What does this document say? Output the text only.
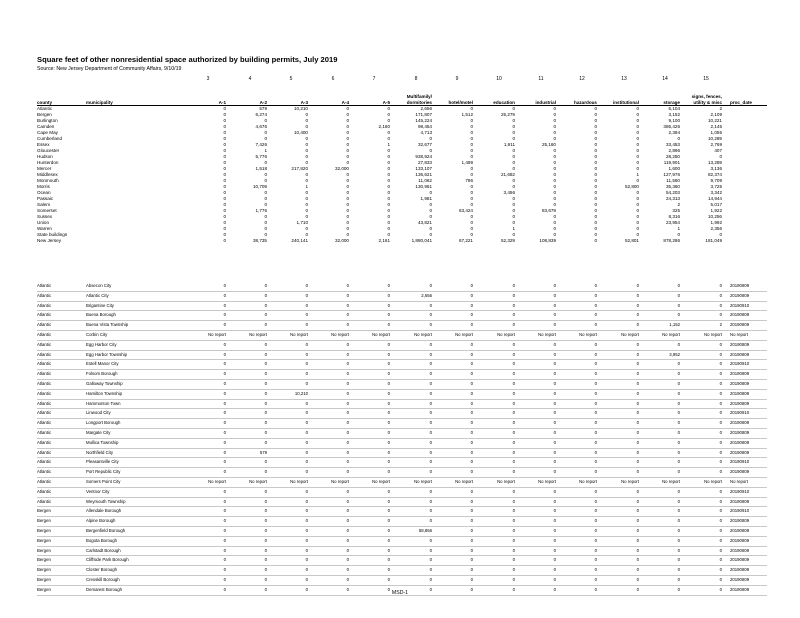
Square feet of other nonresidential space authorized by building permits, July 2019
Source: New Jersey Department of Community Affairs, 9/10/19
3	4	5	6	7	8	9	10	11	12	13	14	15
county	municipality	A-1	A-2	A-3	A-4	A-5	Multifamily/
dormitories	hotel/motel	education	industrial	hazardous	institutional	storage	signs, fences,
utility & misc	proc_date
Atlantic		0	579	10,210	0	0	2,656	0	0	0	0	0	5,104	2	
Bergen		0	6,274	0	0	0	171,807	1,512	25,279	0	0	0	3,152	2,109	
Burlington		0	0	0	0	0	145,224	0	0	0	0	0	9,100	10,221	
Camden		0	4,676	0	0	2,160	98,454	0	0	0	0	0	386,426	2,145	
Cape May		0	0	10,400	0	0	4,713	0	0	0	0	0	2,394	1,055	
Cumberland		0	0	0	0	0	0	0	0	0	0	0	0	10,289	
Essex		0	7,426	0	0	1	32,677	0	1,911	25,160	0	0	33,453	2,769	
Gloucester		0	1	0	0	0	0	0	0	0	0	0	2,896	407	
Hudson		0	5,776	0	0	0	938,924	0	0	0	0	0	28,250	0	
Hunterdon		0	0	0	0	0	27,833	1,499	0	0	0	0	119,901	13,289	
Mercer		0	1,518	217,820	32,000	0	133,107	0	0	0	0	0	1,600	3,136	
Middlesex		0	0	0	0	0	136,621	0	21,682	0	0	1	127,976	82,374	
Monmouth		0	0	0	0	0	11,062	786	0	0	0	0	11,560	9,709	
Morris		0	10,709	1	0	0	130,961	0	0	0	0	52,800	35,360	3,725	
Ocean		0	0	0	0	0	0	0	3,456	0	0	0	54,203	3,342	
Passaic		0	0	0	0	0	1,981	0	0	0	0	0	24,313	14,944	
Salem		0	0	0	0	0	0	0	0	0	0	0	2	5,017	
Somerset		0	1,776	0	0	0	0	63,424	0	83,679	0	0	325	1,922	
Sussex		0	0	0	0	0	0	0	0	0	0	0	8,316	10,256	
Union		0	0	1,710	0	0	43,821	0	0	0	0	0	23,954	1,992	
Warren		0	0	0	0	0	0	0	1	0	0	0	1	2,356	
State buildings		0	0	0	0	0	0	0	0	0	0	0	0	0	
New Jersey		0	38,735	240,141	32,000	2,161	1,880,041	67,221	52,329	108,839	0	52,801	878,286	181,049	
Atlantic	Absecon City	0	0	0	0	0	0	0	0	0	0	0	0	0	20190809
Atlantic	Atlantic City	0	0	0	0	0	2,656	0	0	0	0	0	0	0	20190809
Atlantic	Brigantine City	0	0	0	0	0	0	0	0	0	0	0	0	0	20190910
Atlantic	Buena Borough	0	0	0	0	0	0	0	0	0	0	0	0	0	20190809
Atlantic	Buena Vista Township	0	0	0	0	0	0	0	0	0	0	0	1,152	2	20190809
Atlantic	Corbin City	No report	No report	No report	No report	No report	No report	No report	No report	No report	No report	No report	No report	No report	No report
Atlantic	Egg Harbor City	0	0	0	0	0	0	0	0	0	0	0	0	0	20190809
Atlantic	Egg Harbor Township	0	0	0	0	0	0	0	0	0	0	0	3,952	0	20190809
Atlantic	Estell Manor City	0	0	0	0	0	0	0	0	0	0	0	0	0	20190910
Atlantic	Folsom Borough	0	0	0	0	0	0	0	0	0	0	0	0	0	20190809
Atlantic	Galloway Township	0	0	0	0	0	0	0	0	0	0	0	0	0	20190809
Atlantic	Hamilton Township	0	0	10,210	0	0	0	0	0	0	0	0	0	0	20190809
Atlantic	Hammonton Town	0	0	0	0	0	0	0	0	0	0	0	0	0	20190809
Atlantic	Linwood City	0	0	0	0	0	0	0	0	0	0	0	0	0	20190910
Atlantic	Longport Borough	0	0	0	0	0	0	0	0	0	0	0	0	0	20190809
Atlantic	Margate City	0	0	0	0	0	0	0	0	0	0	0	0	0	20190809
Atlantic	Mullica Township	0	0	0	0	0	0	0	0	0	0	0	0	0	20190809
Atlantic	Northfield City	0	579	0	0	0	0	0	0	0	0	0	0	0	20190809
Atlantic	Pleasantville City	0	0	0	0	0	0	0	0	0	0	0	0	0	20190910
Atlantic	Port Republic City	0	0	0	0	0	0	0	0	0	0	0	0	0	20190809
Atlantic	Somers Point City	No report	No report	No report	No report	No report	No report	No report	No report	No report	No report	No report	No report	No report	No report
Atlantic	Ventnor City	0	0	0	0	0	0	0	0	0	0	0	0	0	20190910
Atlantic	Weymouth Township	0	0	0	0	0	0	0	0	0	0	0	0	0	20190809
Bergen	Allendale Borough	0	0	0	0	0	0	0	0	0	0	0	0	0	20190910
Bergen	Alpine Borough	0	0	0	0	0	0	0	0	0	0	0	0	0	20190809
Bergen	Bergenfield Borough	0	0	0	0	0	58,856	0	0	0	0	0	0	0	20190809
Bergen	Bogota Borough	0	0	0	0	0	0	0	0	0	0	0	0	0	20190809
Bergen	Carlstadt Borough	0	0	0	0	0	0	0	0	0	0	0	0	0	20190809
Bergen	Cliffside Park Borough	0	0	0	0	0	0	0	0	0	0	0	0	0	20190809
Bergen	Closter Borough	0	0	0	0	0	0	0	0	0	0	0	0	0	20190809
Bergen	Cresskill Borough	0	0	0	0	0	0	0	0	0	0	0	0	0	20190809
Bergen	Demarest Borough	0	0	0	0	0	0	0	0	0	0	0	0	0	20190809
MSD-1
